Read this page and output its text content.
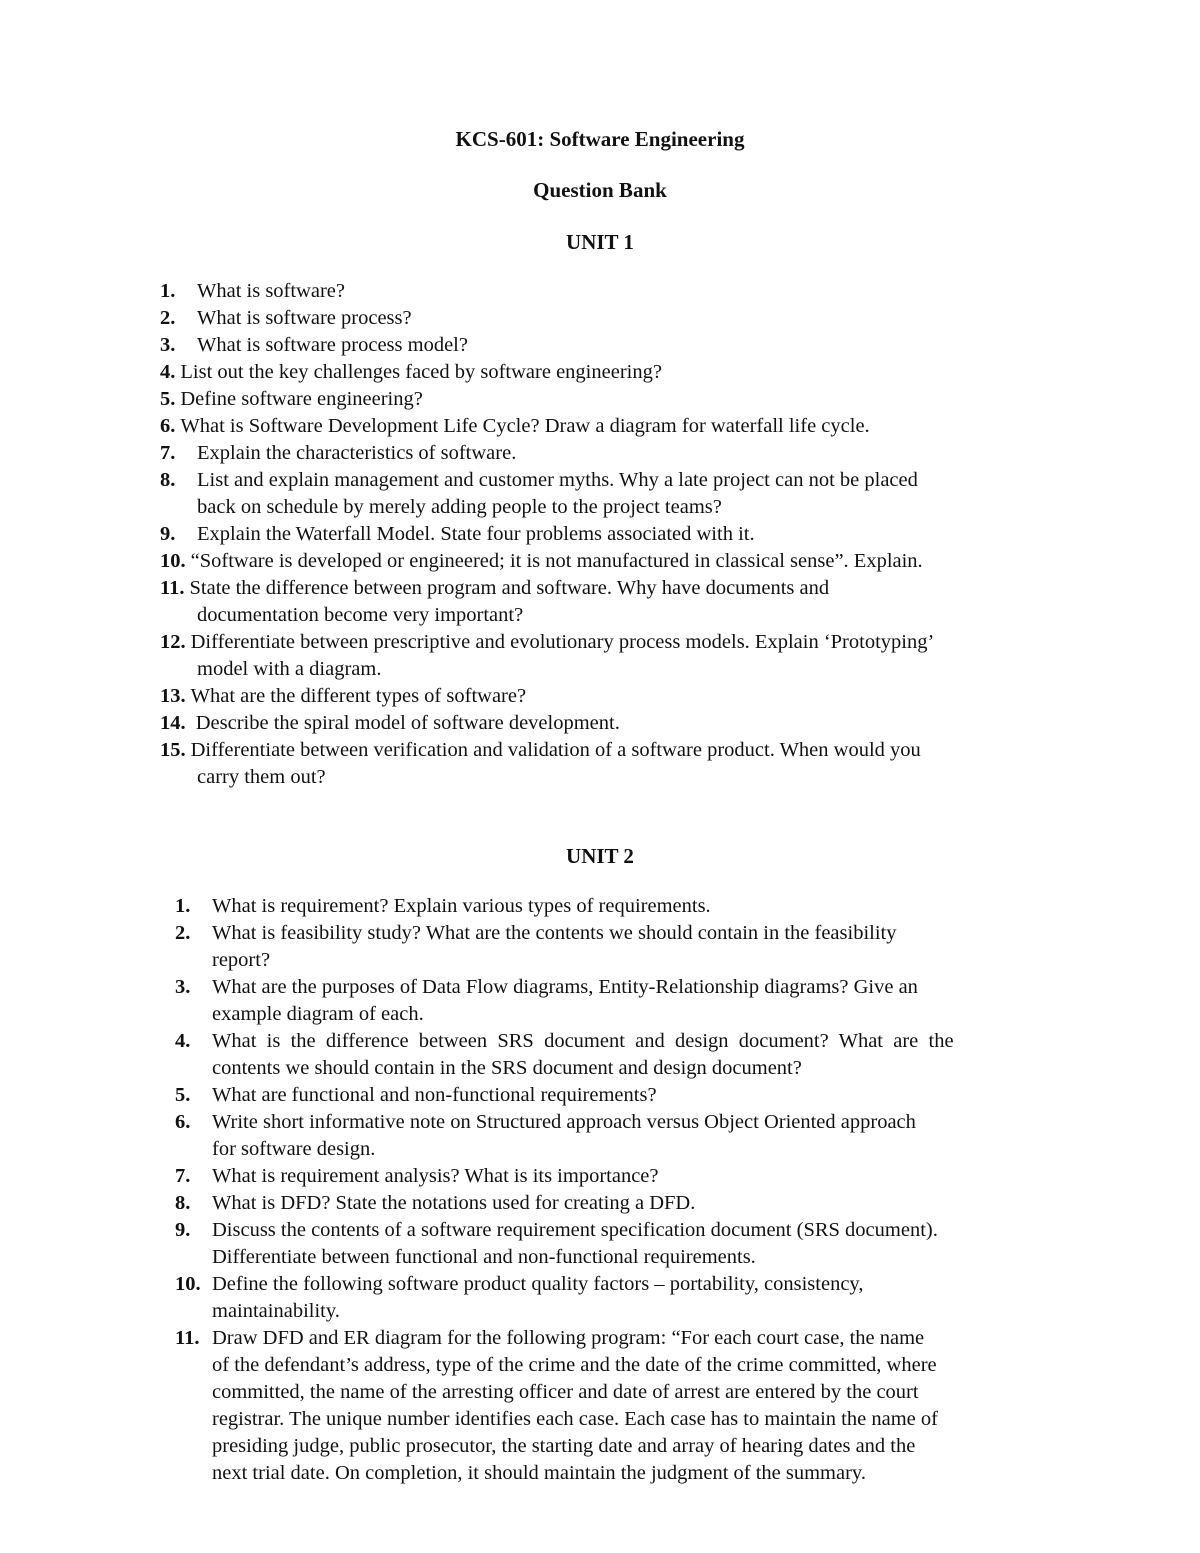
KCS-601: Software Engineering
Question Bank
UNIT 1
1. What is software?
2. What is software process?
3. What is software process model?
4. List out the key challenges faced by software engineering?
5. Define software engineering?
6. What is Software Development Life Cycle? Draw a diagram for waterfall life cycle.
7. Explain the characteristics of software.
8. List and explain management and customer myths. Why a late project can not be placed
back on schedule by merely adding people to the project teams?
9. Explain the Waterfall Model. State four problems associated with it.
10. “Software is developed or engineered; it is not manufactured in classical sense”. Explain.
11. State the difference between program and software. Why have documents and
documentation become very important?
12. Differentiate between prescriptive and evolutionary process models. Explain ‘Prototyping’
model with a diagram.
13. What are the different types of software?
14. Describe the spiral model of software development.
15. Differentiate between verification and validation of a software product. When would you
carry them out?
UNIT 2
1. What is requirement? Explain various types of requirements.
2. What is feasibility study? What are the contents we should contain in the feasibility
report?
3. What are the purposes of Data Flow diagrams, Entity-Relationship diagrams? Give an
example diagram of each.
4. What  is  the  difference  between  SRS  document  and  design  document?  What  are  the
contents we should contain in the SRS document and design document?
5. What are functional and non-functional requirements?
6. Write short informative note on Structured approach versus Object Oriented approach
for software design.
7. What is requirement analysis? What is its importance?
8. What is DFD? State the notations used for creating a DFD.
9. Discuss the contents of a software requirement specification document (SRS document).
Differentiate between functional and non-functional requirements.
10. Define the following software product quality factors – portability, consistency,
maintainability.
11. Draw DFD and ER diagram for the following program: “For each court case, the name
of the defendant’s address, type of the crime and the date of the crime committed, where
committed, the name of the arresting officer and date of arrest are entered by the court
registrar. The unique number identifies each case. Each case has to maintain the name of
presiding judge, public prosecutor, the starting date and array of hearing dates and the
next trial date. On completion, it should maintain the judgment of the summary.
